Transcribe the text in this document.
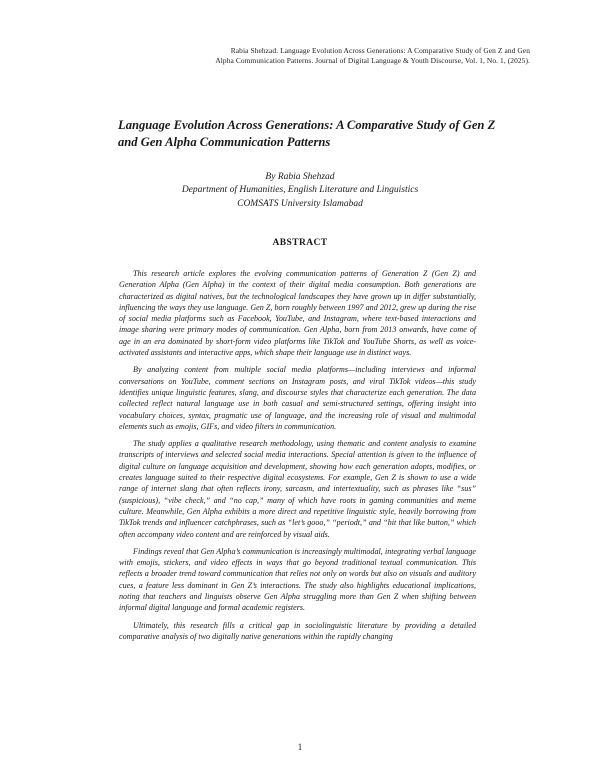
Rabia Shehzad. Language Evolution Across Generations: A Comparative Study of Gen Z and Gen
Alpha Communication Patterns. Journal of Digital Language & Youth Discourse, Vol. 1, No. 1, (2025).
Language Evolution Across Generations: A Comparative Study of Gen Z and Gen Alpha Communication Patterns
By Rabia Shehzad
Department of Humanities, English Literature and Linguistics
COMSATS University Islamabad
ABSTRACT

This research article explores the evolving communication patterns of Generation Z (Gen Z) and Generation Alpha (Gen Alpha) in the context of their digital media consumption. Both generations are characterized as digital natives, but the technological landscapes they have grown up in differ substantially, influencing the ways they use language. Gen Z, born roughly between 1997 and 2012, grew up during the rise of social media platforms such as Facebook, YouTube, and Instagram, where text-based interactions and image sharing were primary modes of communication. Gen Alpha, born from 2013 onwards, have come of age in an era dominated by short-form video platforms like TikTok and YouTube Shorts, as well as voice-activated assistants and interactive apps, which shape their language use in distinct ways.

By analyzing content from multiple social media platforms—including interviews and informal conversations on YouTube, comment sections on Instagram posts, and viral TikTok videos—this study identifies unique linguistic features, slang, and discourse styles that characterize each generation. The data collected reflect natural language use in both casual and semi-structured settings, offering insight into vocabulary choices, syntax, pragmatic use of language, and the increasing role of visual and multimodal elements such as emojis, GIFs, and video filters in communication.

The study applies a qualitative research methodology, using thematic and content analysis to examine transcripts of interviews and selected social media interactions. Special attention is given to the influence of digital culture on language acquisition and development, showing how each generation adopts, modifies, or creates language suited to their respective digital ecosystems. For example, Gen Z is shown to use a wide range of internet slang that often reflects irony, sarcasm, and intertextuality, such as phrases like “sus” (suspicious), “vibe check,” and “no cap,” many of which have roots in gaming communities and meme culture. Meanwhile, Gen Alpha exhibits a more direct and repetitive linguistic style, heavily borrowing from TikTok trends and influencer catchphrases, such as “let’s gooo,” “periodt,” and “hit that like button,” which often accompany video content and are reinforced by visual aids.

Findings reveal that Gen Alpha’s communication is increasingly multimodal, integrating verbal language with emojis, stickers, and video effects in ways that go beyond traditional textual communication. This reflects a broader trend toward communication that relies not only on words but also on visuals and auditory cues, a feature less dominant in Gen Z’s interactions. The study also highlights educational implications, noting that teachers and linguists observe Gen Alpha struggling more than Gen Z when shifting between informal digital language and formal academic registers.

Ultimately, this research fills a critical gap in sociolinguistic literature by providing a detailed comparative analysis of two digitally native generations within the rapidly changing

1
